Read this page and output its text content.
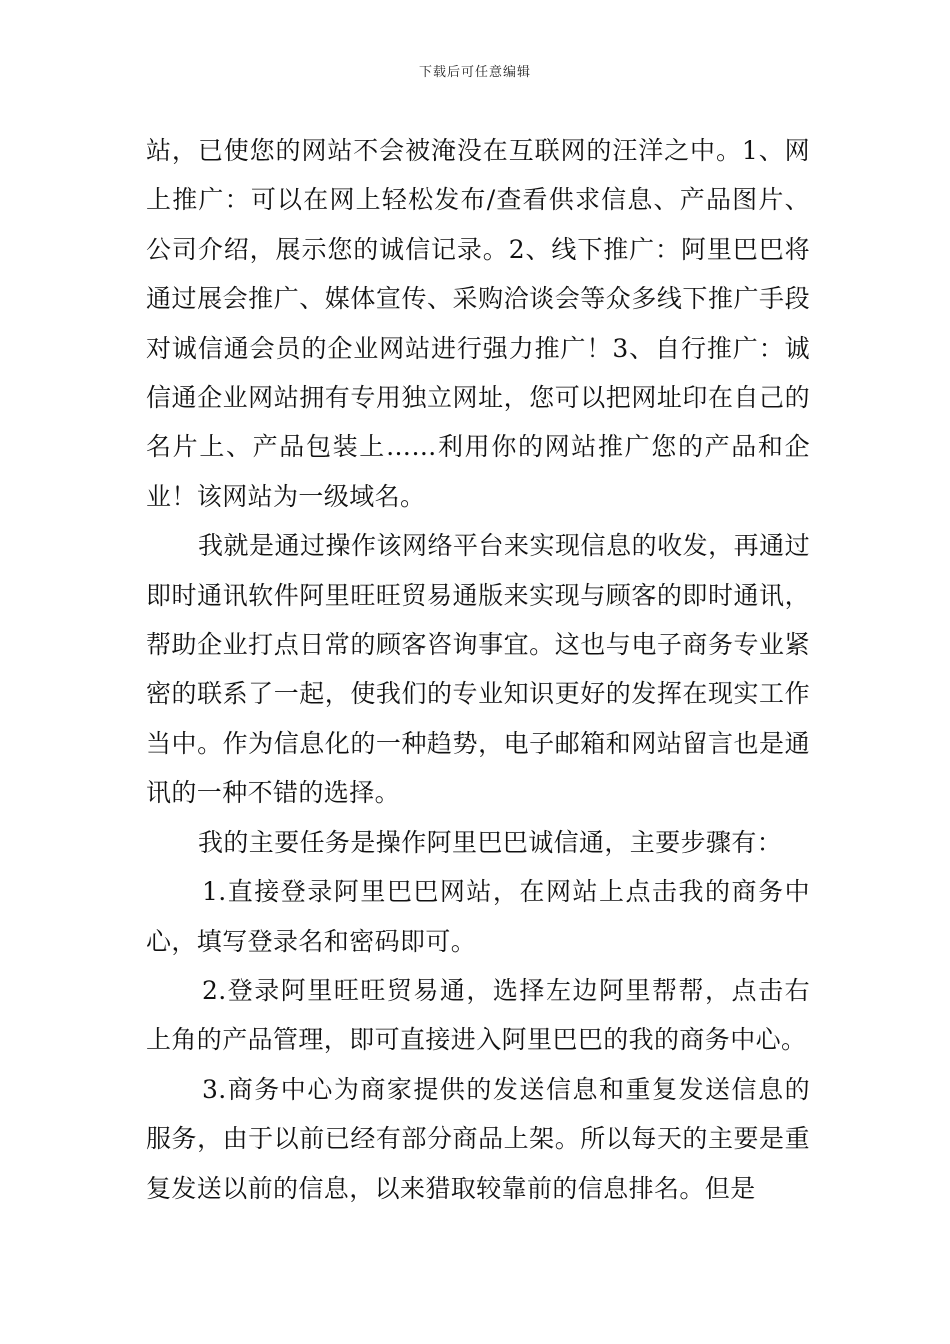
下载后可任意编辑

站，已使您的网站不会被淹没在互联网的汪洋之中。1、网上推广：可以在网上轻松发布/查看供求信息、产品图片、公司介绍，展示您的诚信记录。2、线下推广：阿里巴巴将通过展会推广、媒体宣传、采购洽谈会等众多线下推广手段对诚信通会员的企业网站进行强力推广！3、自行推广：诚信通企业网站拥有专用独立网址，您可以把网址印在自己的名片上、产品包装上……利用你的网站推广您的产品和企业！该网站为一级域名。

我就是通过操作该网络平台来实现信息的收发，再通过即时通讯软件阿里旺旺贸易通版来实现与顾客的即时通讯，帮助企业打点日常的顾客咨询事宜。这也与电子商务专业紧密的联系了一起，使我们的专业知识更好的发挥在现实工作当中。作为信息化的一种趋势，电子邮箱和网站留言也是通讯的一种不错的选择。

我的主要任务是操作阿里巴巴诚信通，主要步骤有：

1.直接登录阿里巴巴网站，在网站上点击我的商务中心，填写登录名和密码即可。

2.登录阿里旺旺贸易通，选择左边阿里帮帮，点击右上角的产品管理，即可直接进入阿里巴巴的我的商务中心。

3.商务中心为商家提供的发送信息和重复发送信息的服务，由于以前已经有部分商品上架。所以每天的主要是重复发送以前的信息，以来猎取较靠前的信息排名。但是
